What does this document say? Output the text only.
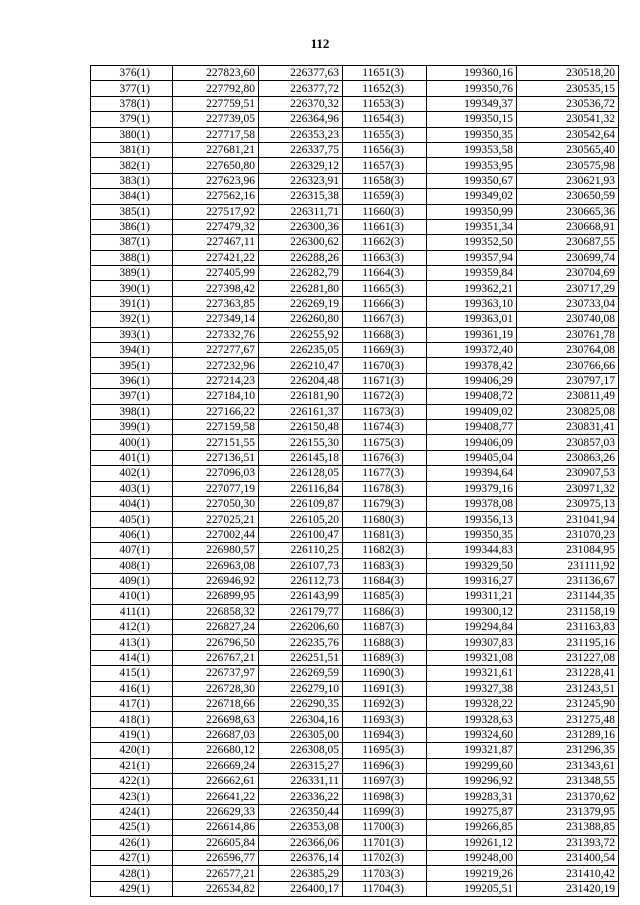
112
376(1)	227823,60	226377,63	11651(3)	199360,16	230518,20
377(1)	227792,80	226377,72	11652(3)	199350,76	230535,15
378(1)	227759,51	226370,32	11653(3)	199349,37	230536,72
379(1)	227739,05	226364,96	11654(3)	199350,15	230541,32
380(1)	227717,58	226353,23	11655(3)	199350,35	230542,64
381(1)	227681,21	226337,75	11656(3)	199353,58	230565,40
382(1)	227650,80	226329,12	11657(3)	199353,95	230575,98
383(1)	227623,96	226323,91	11658(3)	199350,67	230621,93
384(1)	227562,16	226315,38	11659(3)	199349,02	230650,59
385(1)	227517,92	226311,71	11660(3)	199350,99	230665,36
386(1)	227479,32	226300,36	11661(3)	199351,34	230668,91
387(1)	227467,11	226300,62	11662(3)	199352,50	230687,55
388(1)	227421,22	226288,26	11663(3)	199357,94	230699,74
389(1)	227405,99	226282,79	11664(3)	199359,84	230704,69
390(1)	227398,42	226281,80	11665(3)	199362,21	230717,29
391(1)	227363,85	226269,19	11666(3)	199363,10	230733,04
392(1)	227349,14	226260,80	11667(3)	199363,01	230740,08
393(1)	227332,76	226255,92	11668(3)	199361,19	230761,78
394(1)	227277,67	226235,05	11669(3)	199372,40	230764,08
395(1)	227232,96	226210,47	11670(3)	199378,42	230766,66
396(1)	227214,23	226204,48	11671(3)	199406,29	230797,17
397(1)	227184,10	226181,90	11672(3)	199408,72	230811,49
398(1)	227166,22	226161,37	11673(3)	199409,02	230825,08
399(1)	227159,58	226150,48	11674(3)	199408,77	230831,41
400(1)	227151,55	226155,30	11675(3)	199406,09	230857,03
401(1)	227136,51	226145,18	11676(3)	199405,04	230863,26
402(1)	227096,03	226128,05	11677(3)	199394,64	230907,53
403(1)	227077,19	226116,84	11678(3)	199379,16	230971,32
404(1)	227050,30	226109,87	11679(3)	199378,08	230975,13
405(1)	227025,21	226105,20	11680(3)	199356,13	231041,94
406(1)	227002,44	226100,47	11681(3)	199350,35	231070,23
407(1)	226980,57	226110,25	11682(3)	199344,83	231084,95
408(1)	226963,08	226107,73	11683(3)	199329,50	231111,92
409(1)	226946,92	226112,73	11684(3)	199316,27	231136,67
410(1)	226899,95	226143,99	11685(3)	199311,21	231144,35
411(1)	226858,32	226179,77	11686(3)	199300,12	231158,19
412(1)	226827,24	226206,60	11687(3)	199294,84	231163,83
413(1)	226796,50	226235,76	11688(3)	199307,83	231195,16
414(1)	226767,21	226251,51	11689(3)	199321,08	231227,08
415(1)	226737,97	226269,59	11690(3)	199321,61	231228,41
416(1)	226728,30	226279,10	11691(3)	199327,38	231243,51
417(1)	226718,66	226290,35	11692(3)	199328,22	231245,90
418(1)	226698,63	226304,16	11693(3)	199328,63	231275,48
419(1)	226687,03	226305,00	11694(3)	199324,60	231289,16
420(1)	226680,12	226308,05	11695(3)	199321,87	231296,35
421(1)	226669,24	226315,27	11696(3)	199299,60	231343,61
422(1)	226662,61	226331,11	11697(3)	199296,92	231348,55
423(1)	226641,22	226336,22	11698(3)	199283,31	231370,62
424(1)	226629,33	226350,44	11699(3)	199275,87	231379,95
425(1)	226614,86	226353,08	11700(3)	199266,85	231388,85
426(1)	226605,84	226366,06	11701(3)	199261,12	231393,72
427(1)	226596,77	226376,14	11702(3)	199248,00	231400,54
428(1)	226577,21	226385,29	11703(3)	199219,26	231410,42
429(1)	226534,82	226400,17	11704(3)	199205,51	231420,19
